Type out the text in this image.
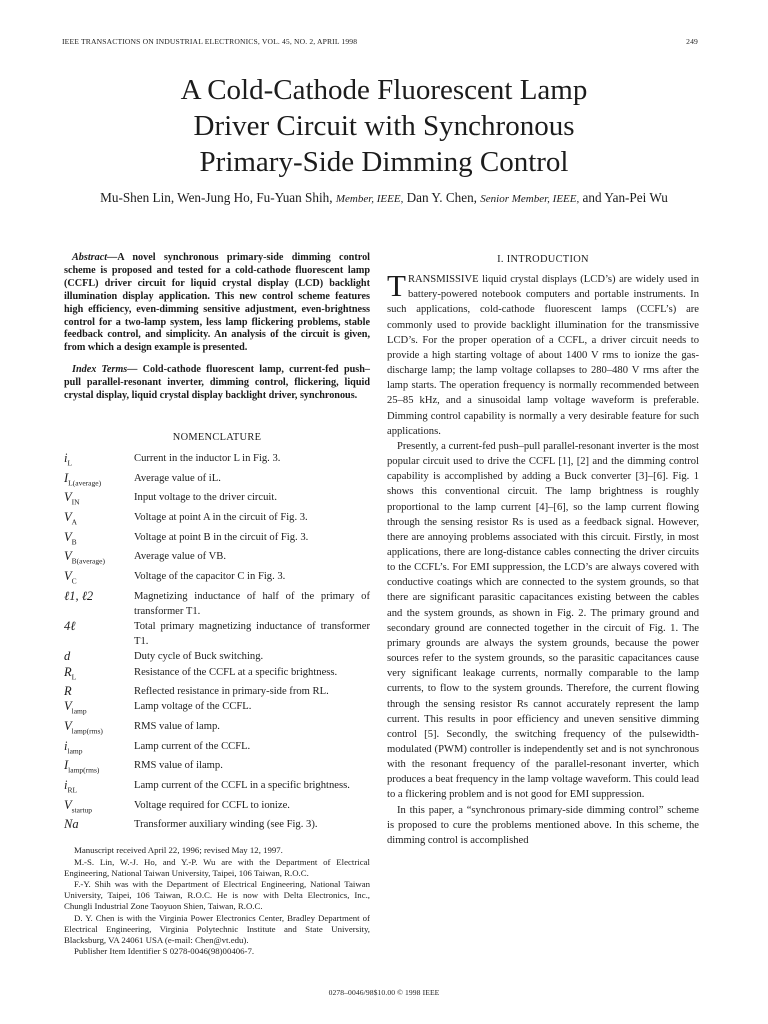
IEEE TRANSACTIONS ON INDUSTRIAL ELECTRONICS, VOL. 45, NO. 2, APRIL 1998	249
A Cold-Cathode Fluorescent Lamp
Driver Circuit with Synchronous
Primary-Side Dimming Control
Mu-Shen Lin, Wen-Jung Ho, Fu-Yuan Shih, Member, IEEE, Dan Y. Chen, Senior Member, IEEE, and Yan-Pei Wu

Abstract—A novel synchronous primary-side dimming control scheme is proposed and tested for a cold-cathode fluorescent lamp (CCFL) driver circuit for liquid crystal display (LCD) backlight illumination display application. This new control scheme features high efficiency, even-dimming sensitive adjustment, even-brightness control for a two-lamp system, less lamp flickering problems, stable feedback control, and simplicity. An analysis of the circuit is given, from which a design example is presented.

Index Terms— Cold-cathode fluorescent lamp, current-fed push–pull parallel-resonant inverter, dimming control, flickering, liquid crystal display, liquid crystal display backlight driver, synchronous.

NOMENCLATURE

$i_L$	Current in the inductor L in Fig. 3.
$I_{L(average)}$	Average value of iL.
$V_{IN}$	Input voltage to the driver circuit.
$V_A$	Voltage at point A in the circuit of Fig. 3.
$V_B$	Voltage at point B in the circuit of Fig. 3.
$V_{B(average)}$	Average value of VB.
$V_C$	Voltage of the capacitor C in Fig. 3.
ℓ1, ℓ2	Magnetizing inductance of half of the primary of transformer T1.
4ℓ	Total primary magnetizing inductance of transformer T1.
d	Duty cycle of Buck switching.
$R_L$	Resistance of the CCFL at a specific brightness.
R	Reflected resistance in primary-side from RL.
$V_{lamp}$	Lamp voltage of the CCFL.
$V_{lamp(rms)}$	RMS value of lamp.
$i_{lamp}$	Lamp current of the CCFL.
$I_{lamp(rms)}$	RMS value of ilamp.
$i_{RL}$	Lamp current of the CCFL in a specific brightness.
$V_{startup}$	Voltage required for CCFL to ionize.
Na	Transformer auxiliary winding (see Fig. 3).

Manuscript received April 22, 1996; revised May 12, 1997.

M.-S. Lin, W.-J. Ho, and Y.-P. Wu are with the Department of Electrical Engineering, National Taiwan University, Taipei, 106 Taiwan, R.O.C.

F.-Y. Shih was with the Department of Electrical Engineering, National Taiwan University, Taipei, 106 Taiwan, R.O.C. He is now with Delta Electronics, Inc., Chungli Industrial Zone Taoyuon Shien, Taiwan, R.O.C.

D. Y. Chen is with the Virginia Power Electronics Center, Bradley Department of Electrical Engineering, Virginia Polytechnic Institute and State University, Blacksburg, VA 24061 USA (e-mail: Chen@vt.edu).

Publisher Item Identifier S 0278-0046(98)00406-7.

I. INTRODUCTION

TRANSMISSIVE liquid crystal displays (LCD’s) are widely used in battery-powered notebook computers and portable instruments. In such applications, cold-cathode fluorescent lamps (CCFL’s) are commonly used to provide backlight illumination for the transmissive LCD’s. For the proper operation of a CCFL, a driver circuit needs to provide a high starting voltage of about 1400 V rms to ionize the gas-discharge lamp; the lamp voltage collapses to 280–480 V rms after the lamp starts. The operation frequency is normally recommended between 25–85 kHz, and a sinusoidal lamp voltage waveform is preferable. Dimming control capability is normally a very desirable feature for such applications.

Presently, a current-fed push–pull parallel-resonant inverter is the most popular circuit used to drive the CCFL [1], [2] and the dimming control capability is accomplished by adding a Buck converter [3]–[6]. Fig. 1 shows this conventional circuit. The lamp brightness is roughly proportional to the lamp current [4]–[6], so the lamp current flowing through the sensing resistor Rs is used as a feedback signal. However, there are annoying problems associated with this circuit. Firstly, in most applications, there are long-distance cables connecting the driver circuits to the CCFL’s. For EMI suppression, the LCD’s are always covered with conductive coatings which are connected to the system grounds, so that there are significant parasitic capacitances existing between the cables and the system grounds, as shown in Fig. 2. The primary ground and secondary ground are connected together in the circuit of Fig. 1. The primary grounds are always the system grounds, because the power sources refer to the system grounds, so the parasitic capacitances cause very significant leakage currents, normally comparable to the lamp currents, to flow to the system grounds. Therefore, the current flowing through the sensing resistor Rs cannot accurately represent the lamp current. This results in poor efficiency and uneven sensitive dimming control [5]. Secondly, the switching frequency of the pulsewidth-modulated (PWM) controller is independently set and is not synchronous with the resonant frequency of the parallel-resonant inverter, which produces a beat frequency in the lamp voltage waveform. This could lead to a flickering problem and is not good for EMI suppression.

In this paper, a “synchronous primary-side dimming control” scheme is proposed to cure the problems mentioned above. In this scheme, the dimming control is accomplished

0278–0046/98$10.00 © 1998 IEEE
